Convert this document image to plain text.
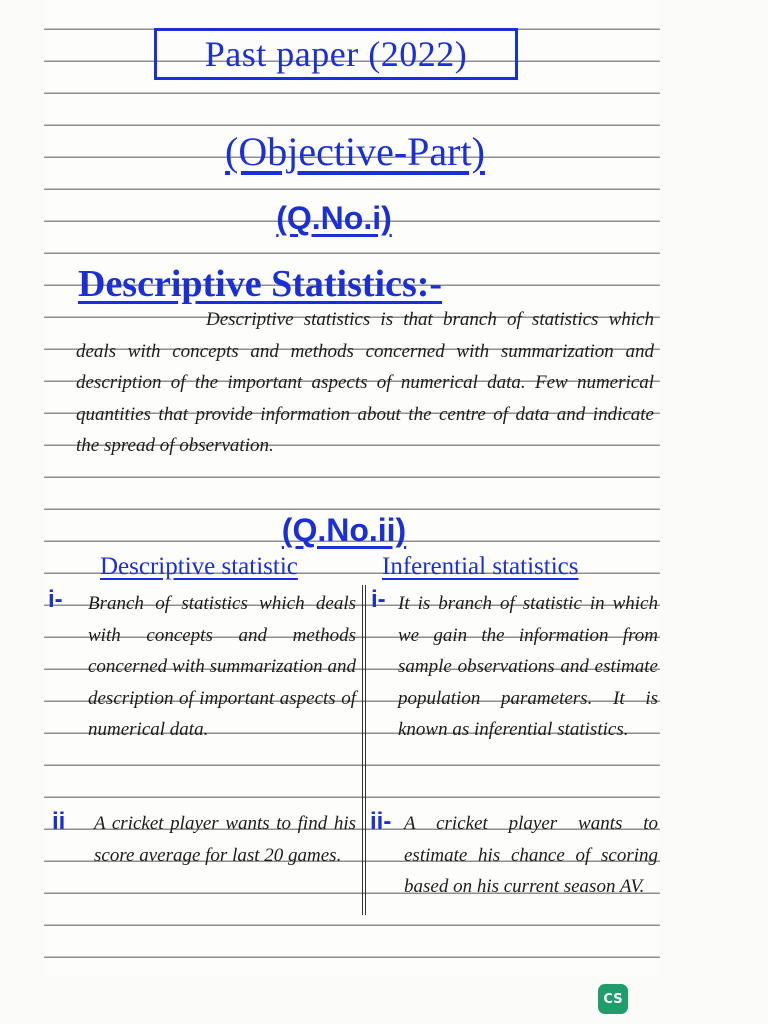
Past paper (2022)
(Objective-Part)
(Q.No.i)
Descriptive Statistics:-
Descriptive statistics is that branch of statistics which deals with concepts and methods concerned with summarization and description of the important aspects of numerical data. Few numerical quantities that provide information about the centre of data and indicate the spread of observation.
(Q.No.ii)
Descriptive statistic	Inferential statistics
i- Branch of statistics which deals with concepts and methods concerned with summarization and description of important aspects of numerical data.
i- It is branch of statistic in which we gain the information from sample observations and estimate population parameters. It is known as inferential statistics.
ii A cricket player wants to find his score average for last 20 games.
ii- A cricket player wants to estimate his chance of scoring based on his current season AV.
CS
